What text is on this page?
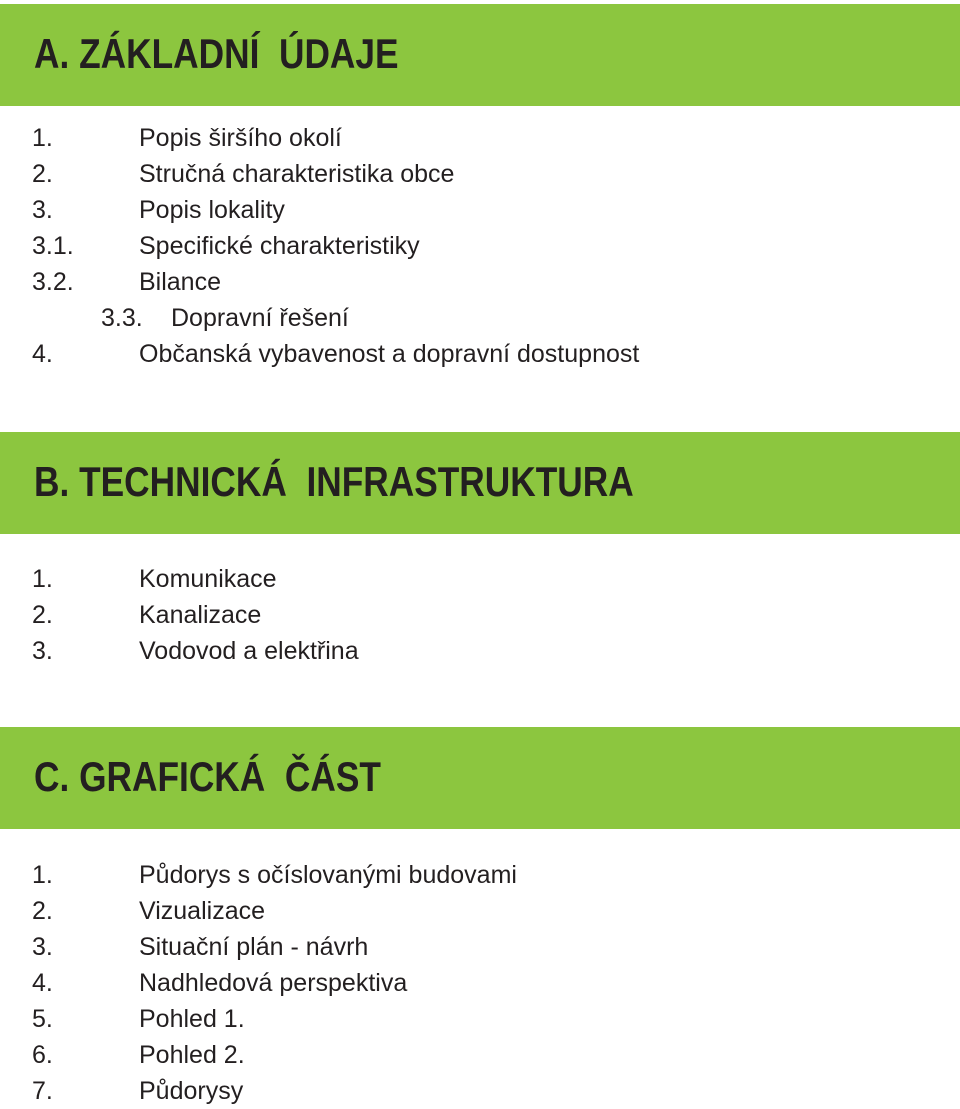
A. ZÁKLADNÍ  ÚDAJE
1.	Popis širšího okolí
2.	Stručná charakteristika obce
3.	Popis lokality
3.1.	Specifické charakteristiky
3.2.	Bilance
3.3. Dopravní řešení
4.	Občanská vybavenost a dopravní dostupnost
B. TECHNICKÁ  INFRASTRUKTURA
1.	Komunikace
2.	Kanalizace
3.	Vodovod a elektřina
C. GRAFICKÁ  ČÁST
1.	Půdorys s očíslovanými budovami
2.	Vizualizace
3.	Situační plán - návrh
4.	Nadhledová perspektiva
5.	Pohled 1.
6.	Pohled 2.
7.	Půdorysy
